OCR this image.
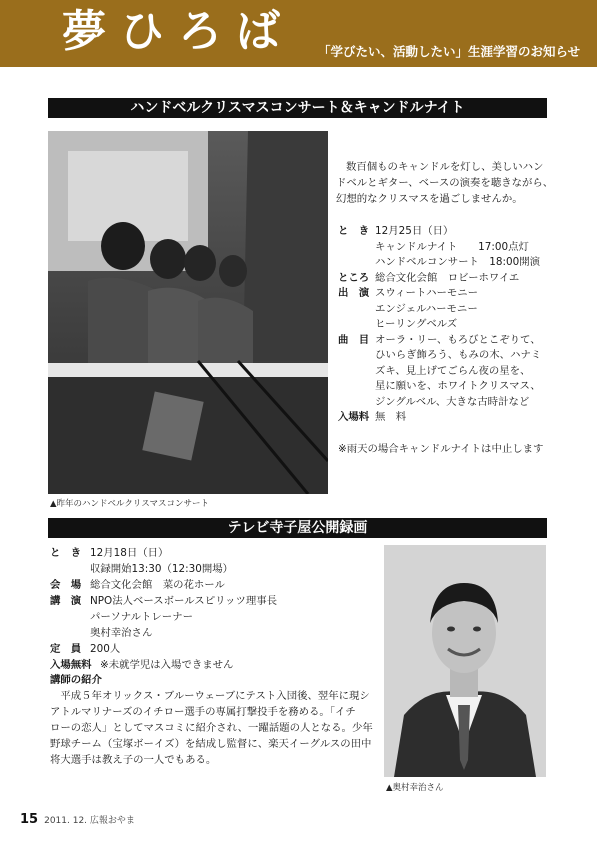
夢ひろば 「学びたい、活動したい」生涯学習のお知らせ
ハンドベルクリスマスコンサート＆キャンドルナイト
▲昨年のハンドベルクリスマスコンサート
数百個ものキャンドルを灯し、美しいハン
ドベルとギター、ベースの演奏を聴きながら、
幻想的なクリスマスを過ごしませんか。
と　き 12月25日（日）
キャンドルナイト　　17:00点灯
ハンドベルコンサート　18:00開演
ところ 総合文化会館　ロビーホワイエ
出　演 スウィートハーモニー
エンジェルハーモニー
ヒーリングベルズ
曲　目 オーラ・リー、もろびとこぞりて、
ひいらぎ飾ろう、もみの木、ハナミ
ズキ、見上げてごらん夜の星を、
星に願いを、ホワイトクリスマス、
ジングルベル、大きな古時計など
入場料 無　料
※雨天の場合キャンドルナイトは中止します
テレビ寺子屋公開録画
と　き 12月18日（日）
収録開始13:30（12:30開場）
会　場 総合文化会館　菜の花ホール
講　演 NPO法人ベースボールスピリッツ理事長
パーソナルトレーナー
奥村幸治さん
定　員 200人
入場無料 ※未就学児は入場できません
講師の紹介
　平成５年オリックス・ブルーウェーブにテスト入団後、翌年に現シ
アトルマリナーズのイチロー選手の専属打撃投手を務める。「イチ
ローの恋人」としてマスコミに紹介され、一躍話題の人となる。少年
野球チーム（宝塚ボーイズ）を結成し監督に、楽天イーグルスの田中
将大選手は教え子の一人でもある。
▲奥村幸治さん
15 2011. 12. 広報おやま
